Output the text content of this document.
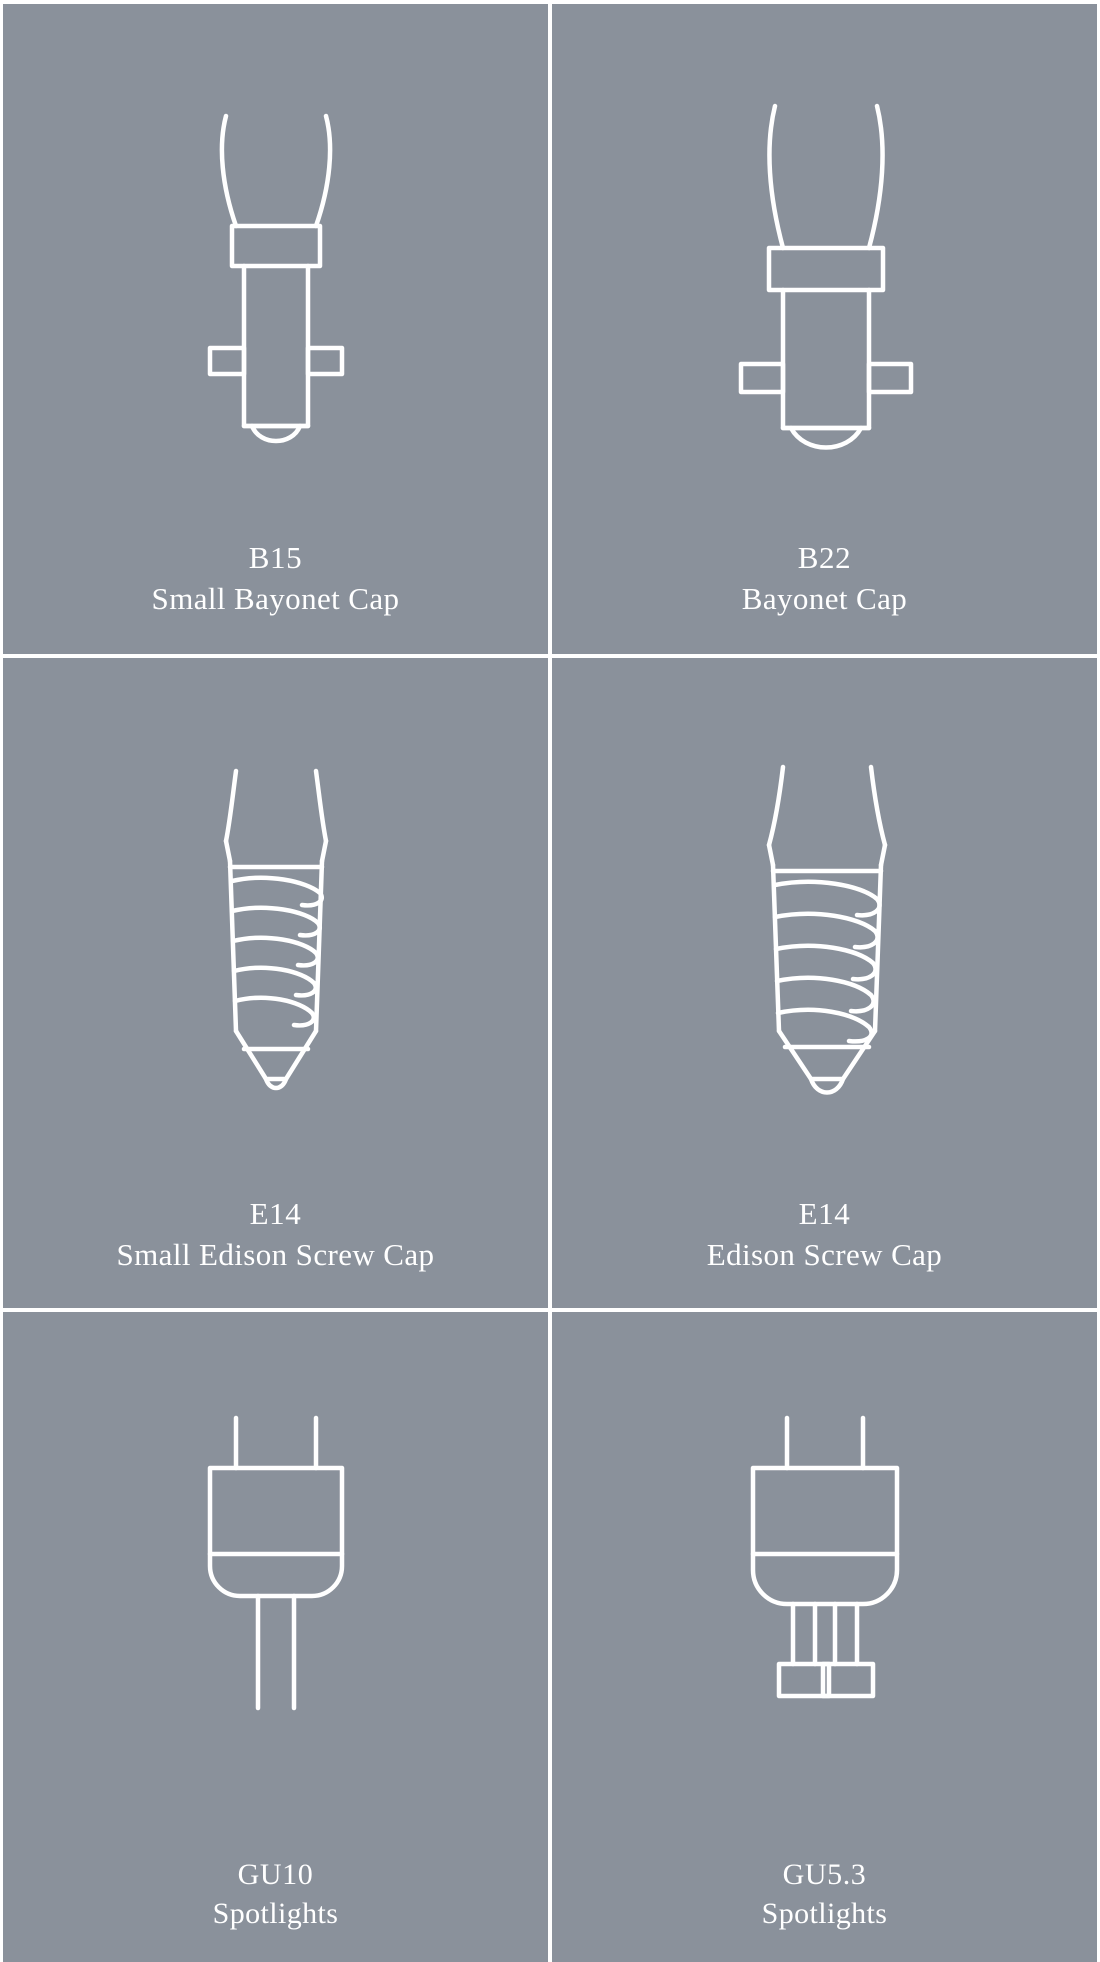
B15
Small Bayonet Cap
B22
Bayonet Cap
E14
Small Edison Screw Cap
E14
Edison Screw Cap
GU10
Spotlights
GU5.3
Spotlights
